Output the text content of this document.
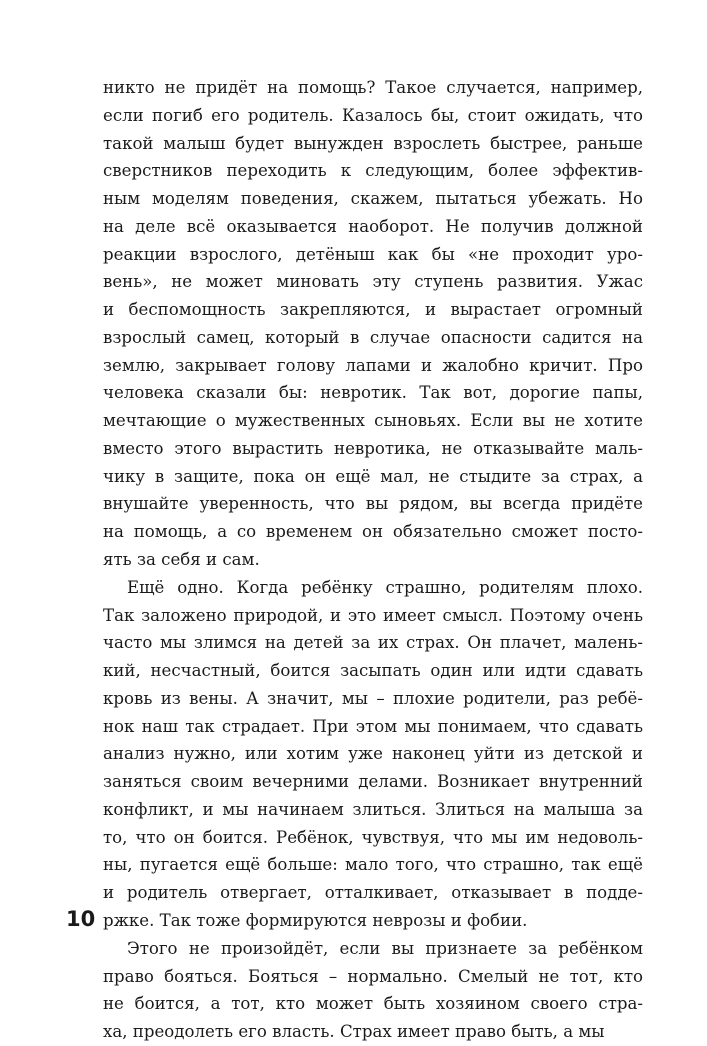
никто не придёт на помощь? Такое случается, например,
если погиб его родитель. Казалось бы, стоит ожидать, что
такой малыш будет вынужден взрослеть быстрее, раньше
сверстников переходить к следующим, более эффектив-
ным моделям поведения, скажем, пытаться убежать. Но
на деле всё оказывается наоборот. Не получив должной
реакции взрослого, детёныш как бы «не проходит уро-
вень», не может миновать эту ступень развития. Ужас
и беспомощность закрепляются, и вырастает огромный
взрослый самец, который в случае опасности садится на
землю, закрывает голову лапами и жалобно кричит. Про
человека сказали бы: невротик. Так вот, дорогие папы,
мечтающие о мужественных сыновьях. Если вы не хотите
вместо этого вырастить невротика, не отказывайте маль-
чику в защите, пока он ещё мал, не стыдите за страх, а
внушайте уверенность, что вы рядом, вы всегда придёте
на помощь, а со временем он обязательно сможет посто-
ять за себя и сам.
Ещё одно. Когда ребёнку страшно, родителям плохо.
Так заложено природой, и это имеет смысл. Поэтому очень
часто мы злимся на детей за их страх. Он плачет, малень-
кий, несчастный, боится засыпать один или идти сдавать
кровь из вены. А значит, мы – плохие родители, раз ребё-
нок наш так страдает. При этом мы понимаем, что сдавать
анализ нужно, или хотим уже наконец уйти из детской и
заняться своим вечерними делами. Возникает внутренний
конфликт, и мы начинаем злиться. Злиться на малыша за
то, что он боится. Ребёнок, чувствуя, что мы им недоволь-
ны, пугается ещё больше: мало того, что страшно, так ещё
и родитель отвергает, отталкивает, отказывает в подде-
ржке. Так тоже формируются неврозы и фобии.
Этого не произойдёт, если вы признаете за ребёнком
право бояться. Бояться – нормально. Смелый не тот, кто
не боится, а тот, кто может быть хозяином своего стра-
ха, преодолеть его власть. Страх имеет право быть, а мы
10
